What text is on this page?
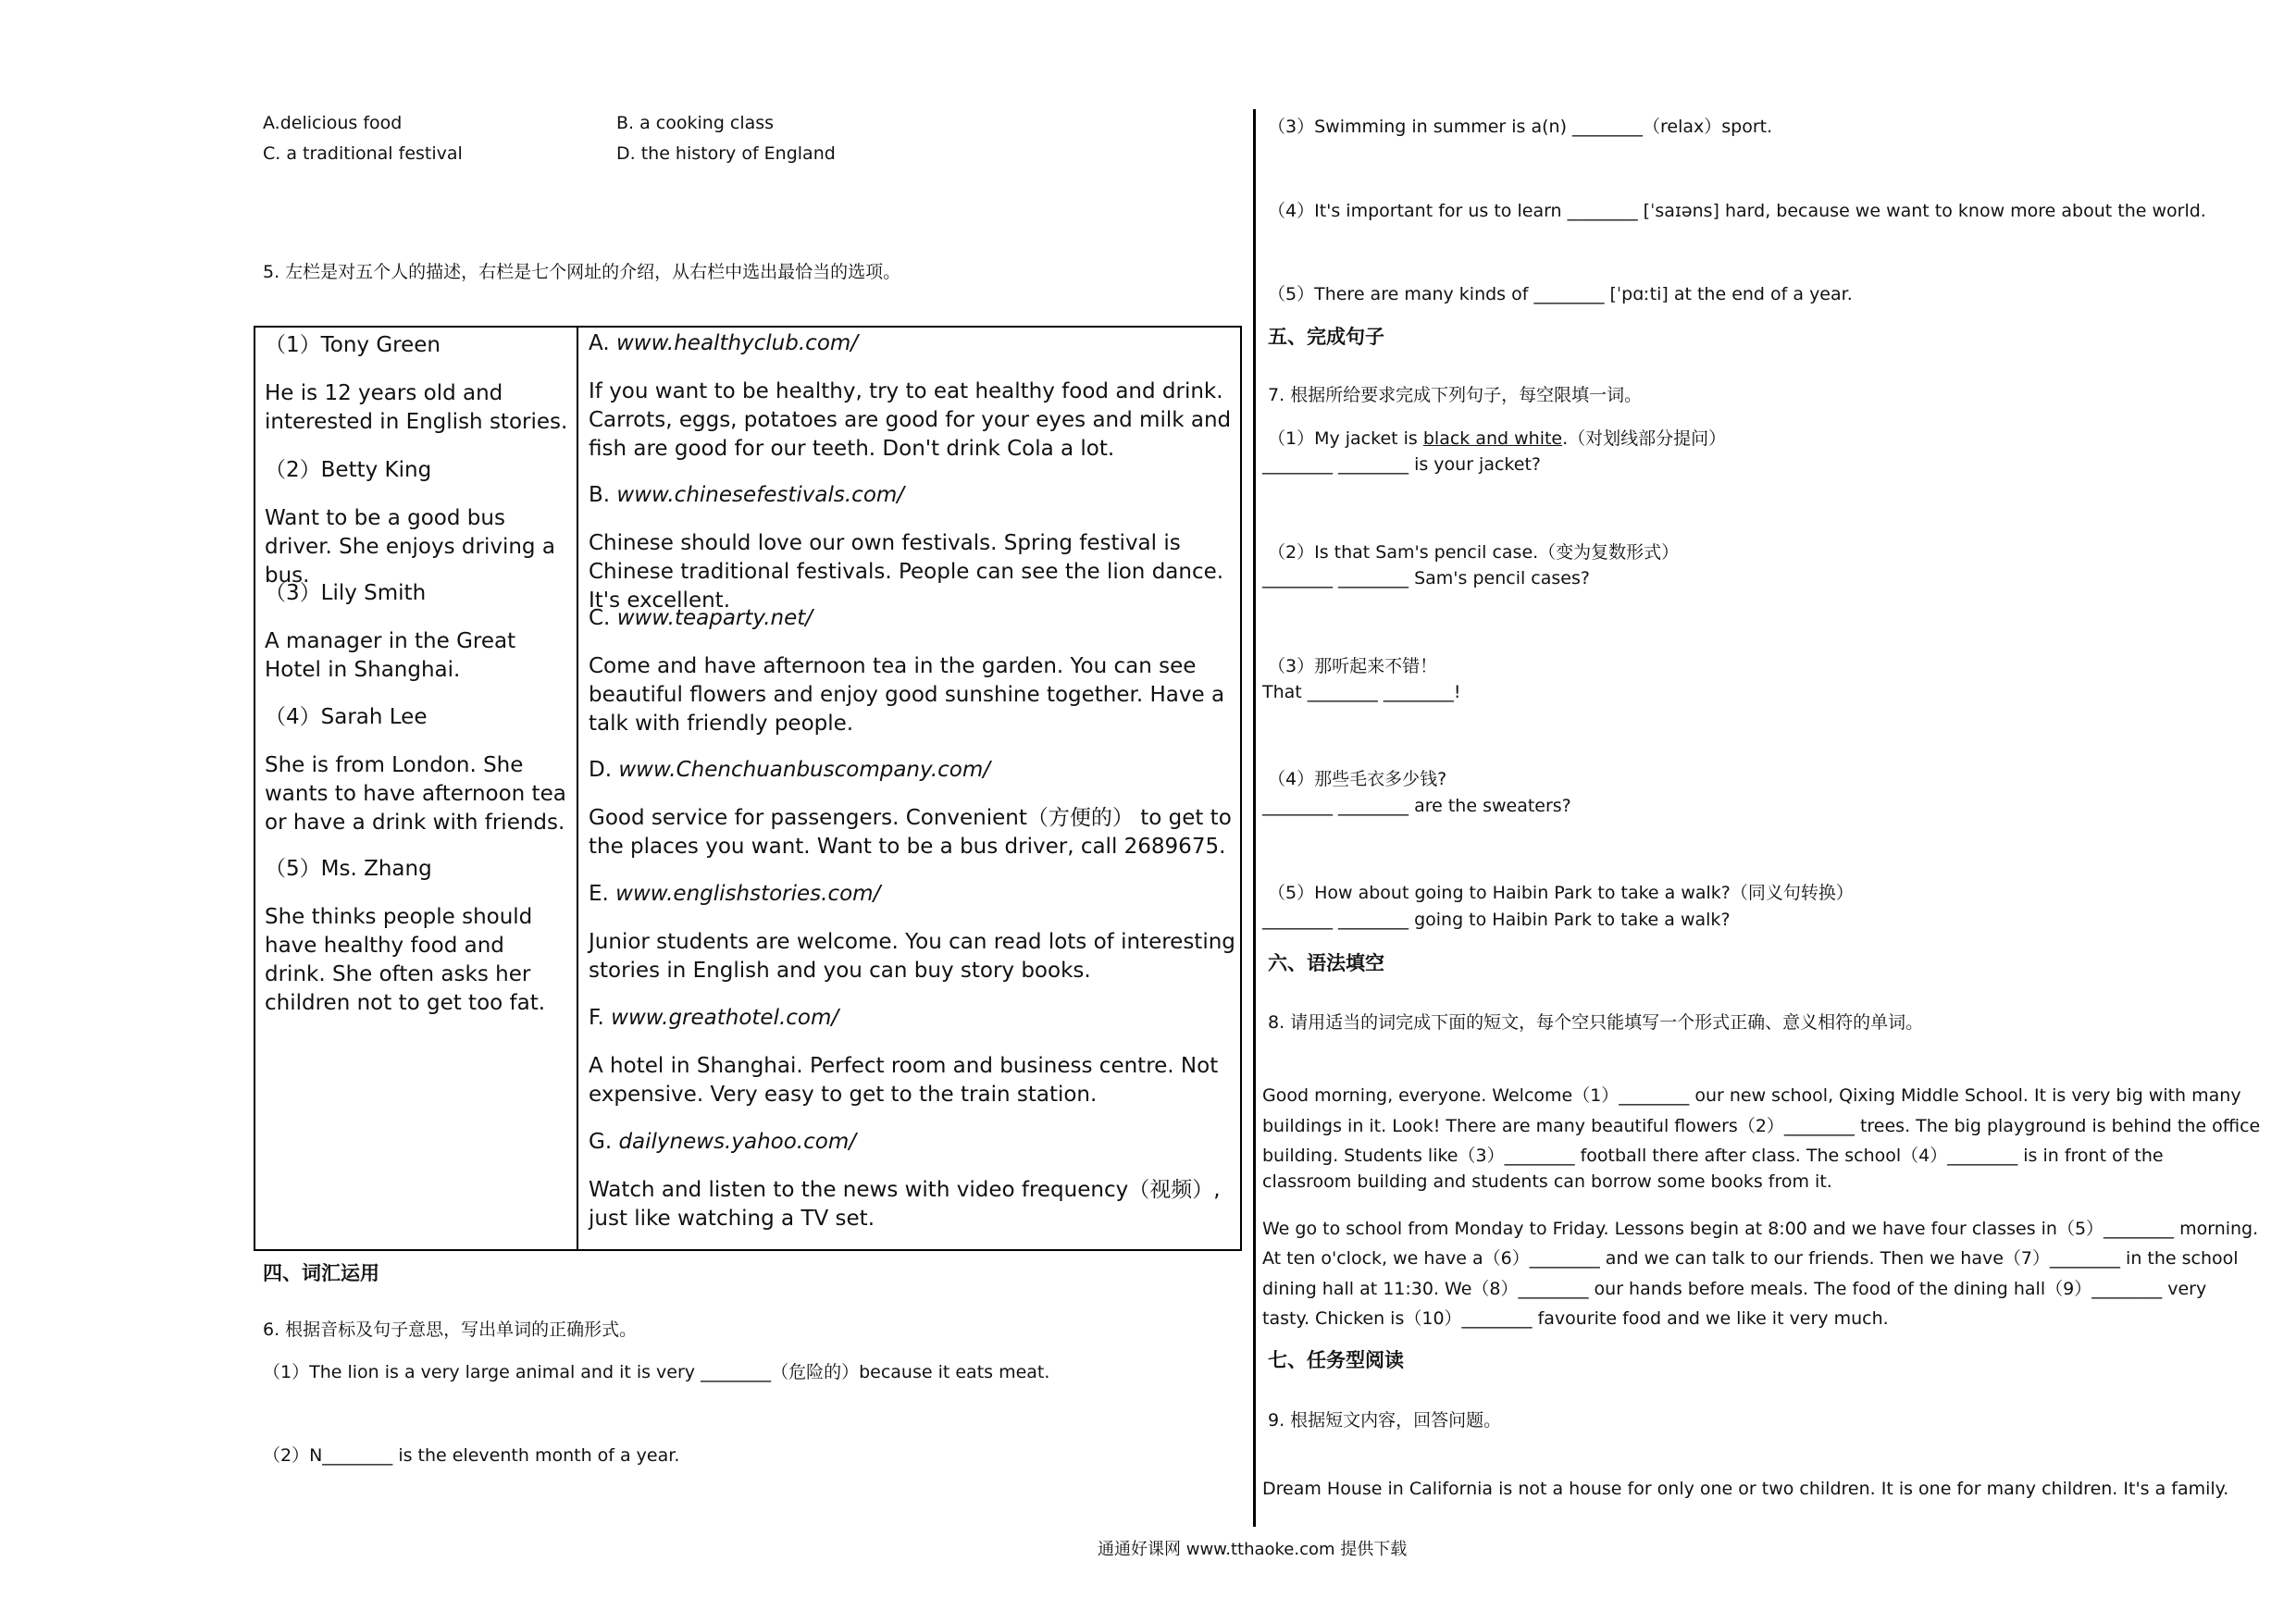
A.delicious food	B. a cooking class
C. a traditional festival	D. the history of England
5. 左栏是对五个人的描述，右栏是七个网址的介绍，从右栏中选出最恰当的选项。
（1）Tony Green
He is 12 years old and interested in English stories.
（2）Betty King
Want to be a good bus driver. She enjoys driving a bus.
（3）Lily Smith
A manager in the Great Hotel in Shanghai.
（4）Sarah Lee
She is from London. She wants to have afternoon tea or have a drink with friends.
（5）Ms. Zhang
She thinks people should have healthy food and drink. She often asks her children not to get too fat.
A. www.healthyclub.com/
If you want to be healthy, try to eat healthy food and drink. Carrots, eggs, potatoes are good for your eyes and milk and fish are good for our teeth. Don't drink Cola a lot.
B. www.chinesefestivals.com/
Chinese should love our own festivals. Spring festival is Chinese traditional festivals. People can see the lion dance. It's excellent.
C. www.teaparty.net/
Come and have afternoon tea in the garden. You can see beautiful flowers and enjoy good sunshine together. Have a talk with friendly people.
D. www.Chenchuanbuscompany.com/
Good service for passengers. Convenient（方便的） to get to the places you want. Want to be a bus driver, call 2689675.
E. www.englishstories.com/
Junior students are welcome. You can read lots of interesting stories in English and you can buy story books.
F. www.greathotel.com/
A hotel in Shanghai. Perfect room and business centre. Not expensive. Very easy to get to the train station.
G. dailynews.yahoo.com/
Watch and listen to the news with video frequency（视频）, just like watching a TV set.
四、词汇运用
6. 根据音标及句子意思，写出单词的正确形式。
（1）The lion is a very large animal and it is very ________（危险的）because it eats meat.
（2）N________ is the eleventh month of a year.
（3）Swimming in summer is a(n) ________（relax）sport.
（4）It's important for us to learn ________ [ˈsaɪəns] hard, because we want to know more about the world.
（5）There are many kinds of ________ [ˈpɑːti] at the end of a year.
五、完成句子
7. 根据所给要求完成下列句子，每空限填一词。
（1）My jacket is black and white.（对划线部分提问）
________ ________ is your jacket?
（2）Is that Sam's pencil case.（变为复数形式）
________ ________ Sam's pencil cases?
（3）那听起来不错！
That ________ ________!
（4）那些毛衣多少钱?
________ ________ are the sweaters?
（5）How about going to Haibin Park to take a walk?（同义句转换）
________ ________ going to Haibin Park to take a walk?
六、语法填空
8. 请用适当的词完成下面的短文，每个空只能填写一个形式正确、意义相符的单词。
Good morning, everyone. Welcome（1）________ our new school, Qixing Middle School. It is very big with many
buildings in it. Look! There are many beautiful flowers（2）________ trees. The big playground is behind the office
building. Students like（3）________ football there after class. The school（4）________ is in front of the
classroom building and students can borrow some books from it.
We go to school from Monday to Friday. Lessons begin at 8:00 and we have four classes in（5）________ morning.
At ten o'clock, we have a（6）________ and we can talk to our friends. Then we have（7）________ in the school
dining hall at 11:30. We（8）________ our hands before meals. The food of the dining hall（9）________ very
tasty. Chicken is（10）________ favourite food and we like it very much.
七、任务型阅读
9. 根据短文内容，回答问题。
Dream House in California is not a house for only one or two children. It is one for many children. It's a family.
通通好课网 www.tthaoke.com 提供下载
